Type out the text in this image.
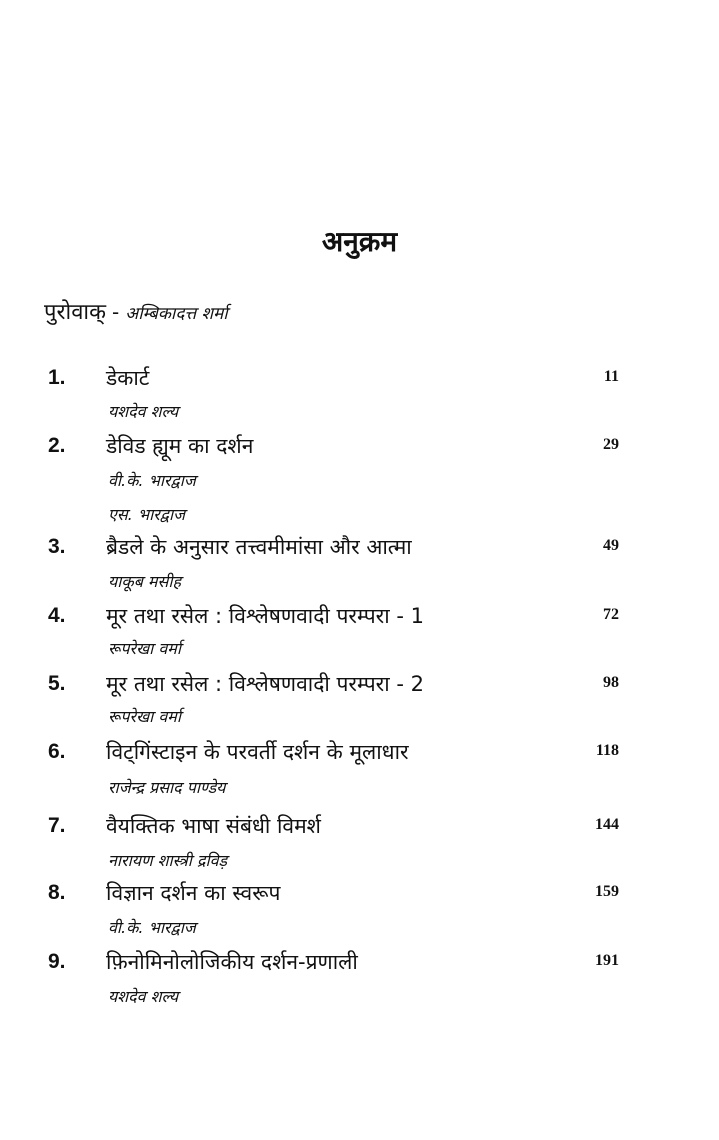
अनुक्रम
पुरोवाक् - अम्बिकादत्त शर्मा
1. डेकार्ट	11
यशदेव शल्य
2. डेविड ह्यूम का दर्शन	29
वी.के. भारद्वाज
एस. भारद्वाज
3. ब्रैडले के अनुसार तत्त्वमीमांसा और आत्मा	49
याकूब मसीह
4. मूर तथा रसेल : विश्लेषणवादी परम्परा - 1	72
रूपरेखा वर्मा
5. मूर तथा रसेल : विश्लेषणवादी परम्परा - 2	98
रूपरेखा वर्मा
6. विट्गिंस्टाइन के परवर्ती दर्शन के मूलाधार	118
राजेन्द्र प्रसाद पाण्डेय
7. वैयक्तिक भाषा संबंधी विमर्श	144
नारायण शास्त्री द्रविड़
8. विज्ञान दर्शन का स्वरूप	159
वी.के. भारद्वाज
9. फ़िनोमिनोलोजिकीय दर्शन-प्रणाली	191
यशदेव शल्य
